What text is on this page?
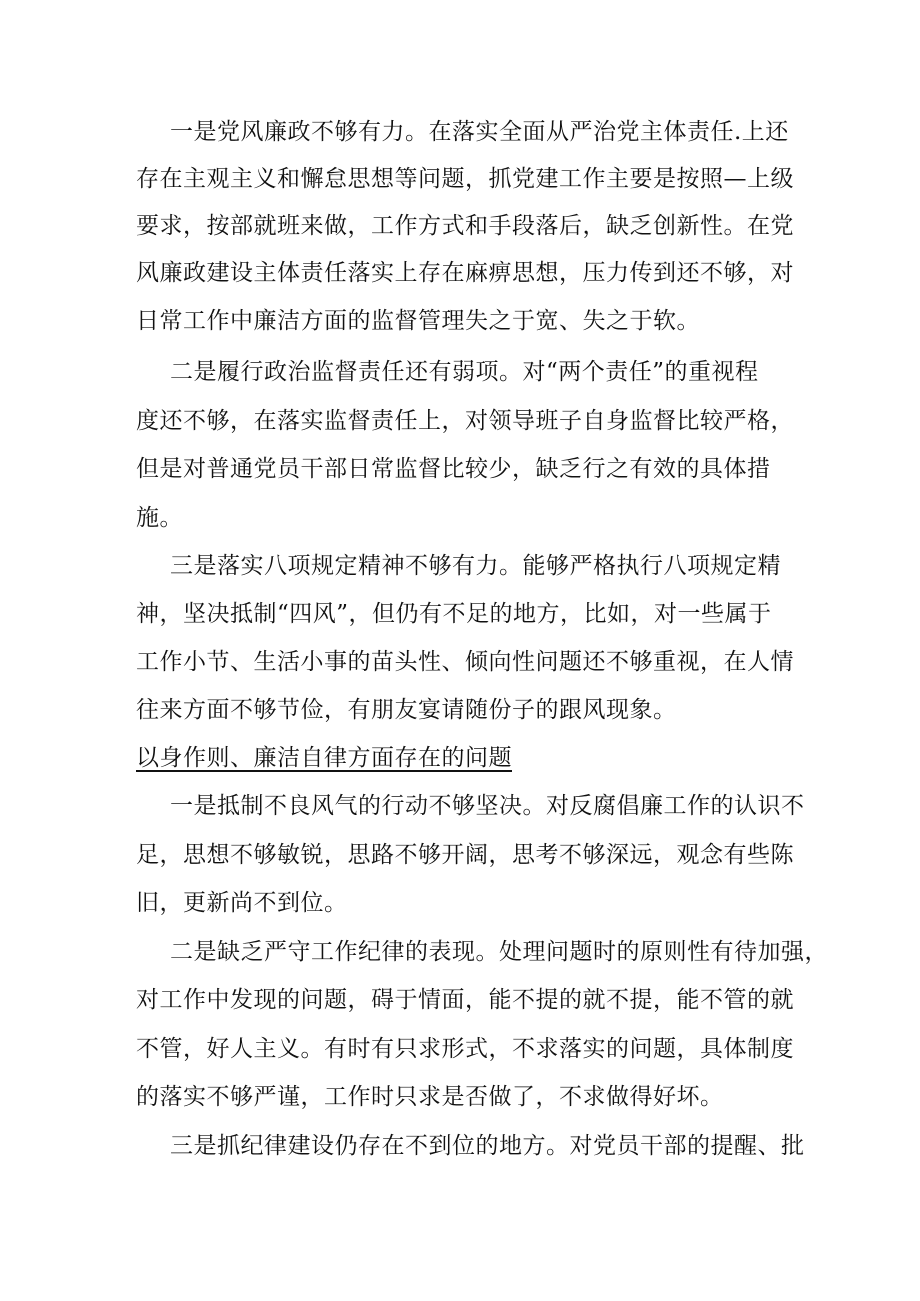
一是党风廉政不够有力。在落实全面从严治党主体责任.上还
存在主观主义和懈怠思想等问题，抓党建工作主要是按照—上级
要求，按部就班来做，工作方式和手段落后，缺乏创新性。在党
风廉政建设主体责任落实上存在麻痹思想，压力传到还不够，对
日常工作中廉洁方面的监督管理失之于宽、失之于软。
二是履行政治监督责任还有弱项。对“两个责任”的重视程
度还不够，在落实监督责任上，对领导班子自身监督比较严格，
但是对普通党员干部日常监督比较少，缺乏行之有效的具体措
施。
三是落实八项规定精神不够有力。能够严格执行八项规定精
神，坚决抵制“四风”，但仍有不足的地方，比如，对一些属于
工作小节、生活小事的苗头性、倾向性问题还不够重视，在人情
往来方面不够节俭，有朋友宴请随份子的跟风现象。
以身作则、廉洁自律方面存在的问题
一是抵制不良风气的行动不够坚决。对反腐倡廉工作的认识不
足，思想不够敏锐，思路不够开阔，思考不够深远，观念有些陈
旧，更新尚不到位。
二是缺乏严守工作纪律的表现。处理问题时的原则性有待加强，
对工作中发现的问题，碍于情面，能不提的就不提，能不管的就
不管，好人主义。有时有只求形式，不求落实的问题，具体制度
的落实不够严谨，工作时只求是否做了，不求做得好坏。
三是抓纪律建设仍存在不到位的地方。对党员干部的提醒、批
